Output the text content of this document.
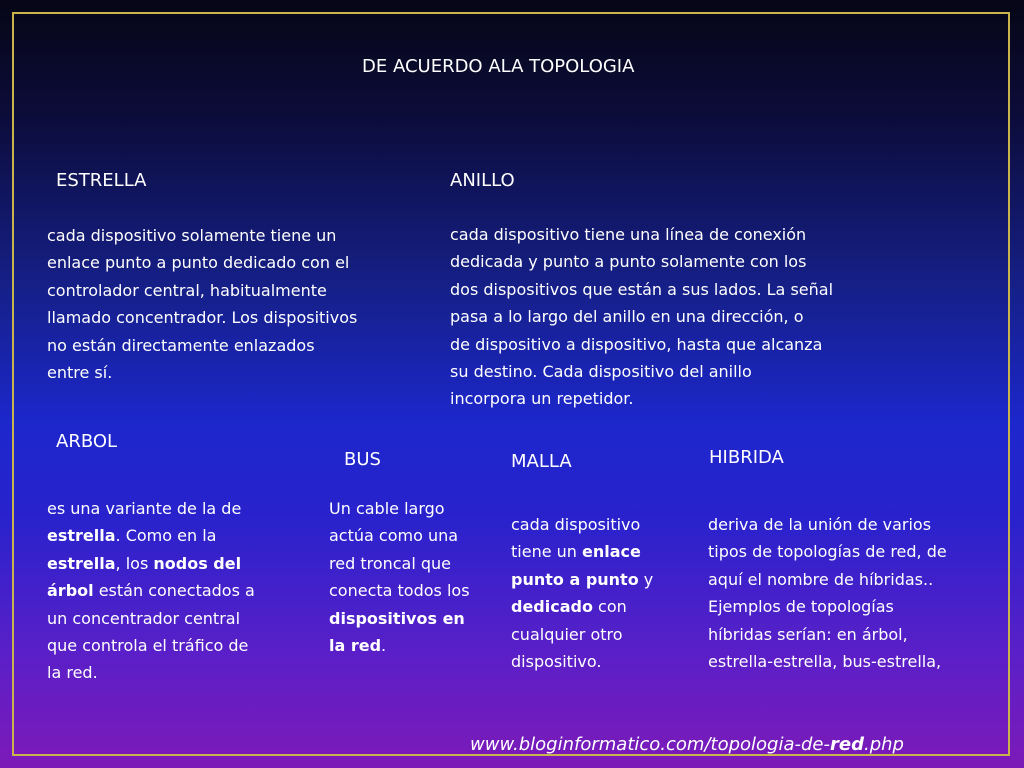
DE ACUERDO ALA TOPOLOGIA

ESTRELLA

cada dispositivo solamente tiene un
enlace punto a punto dedicado con el
controlador central, habitualmente
llamado concentrador. Los dispositivos
no están directamente enlazados
entre sí.

ANILLO

cada dispositivo tiene una línea de conexión
dedicada y punto a punto solamente con los
dos dispositivos que están a sus lados. La señal
pasa a lo largo del anillo en una dirección, o
de dispositivo a dispositivo, hasta que alcanza
su destino. Cada dispositivo del anillo
incorpora un repetidor.

ARBOL

es una variante de la de
estrella. Como en la
estrella, los nodos del
árbol están conectados a
un concentrador central
que controla el tráfico de
la red.

BUS

Un cable largo
actúa como una
red troncal que
conecta todos los
dispositivos en
la red.

MALLA

cada dispositivo
tiene un enlace
punto a punto y
dedicado con
cualquier otro
dispositivo.

HIBRIDA

deriva de la unión de varios
tipos de topologías de red, de
aquí el nombre de híbridas..
Ejemplos de topologías
híbridas serían: en árbol,
estrella-estrella, bus-estrella,

www.bloginformatico.com/topologia-de-red.php
